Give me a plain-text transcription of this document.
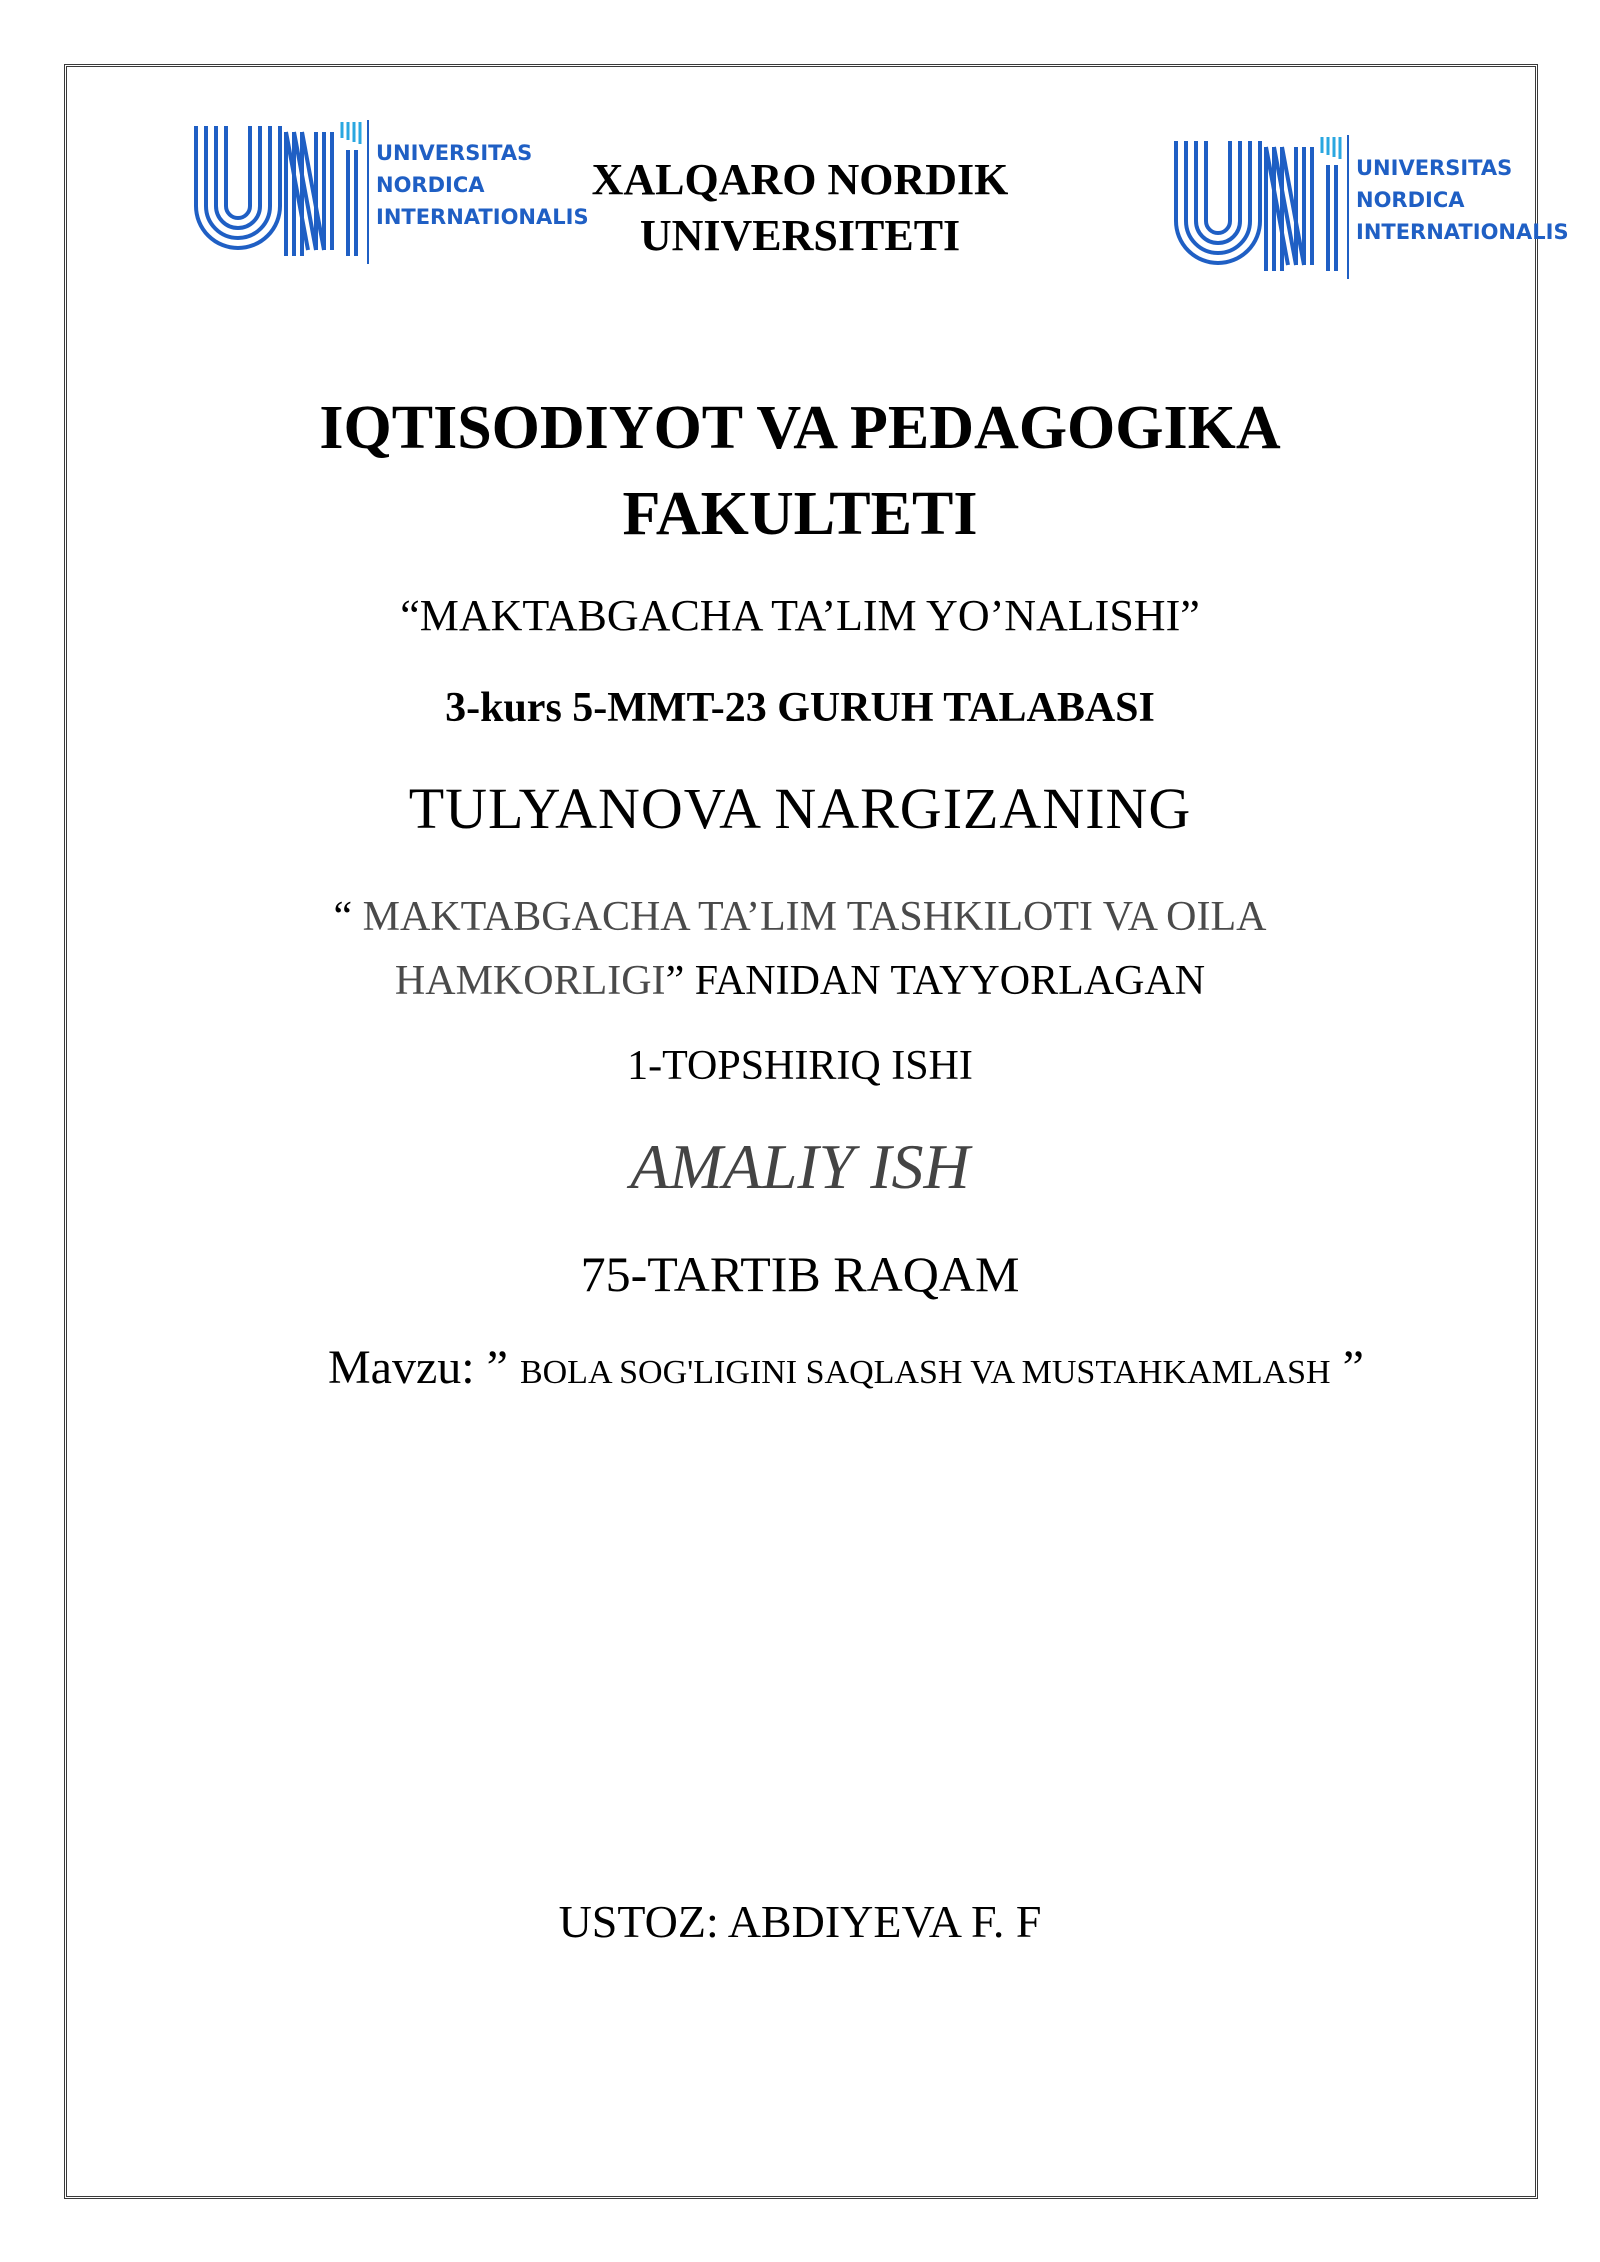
UNIVERSITAS
NORDICA
INTERNATIONALIS
UNIVERSITAS
NORDICA
INTERNATIONALIS
XALQARO NORDIK
UNIVERSITETI
IQTISODIYOT VA PEDAGOGIKA
FAKULTETI
“MAKTABGACHA TA’LIM YO’NALISHI”
3-kurs 5-MMT-23 GURUH TALABASI
TULYANOVA NARGIZANING
“ MAKTABGACHA TA’LIM TASHKILOTI VA OILA
HAMKORLIGI” FANIDAN TAYYORLAGAN
1-TOPSHIRIQ ISHI
AMALIY ISH
75-TARTIB RAQAM
Mavzu: ” BOLA SOG'LIGINI SAQLASH VA MUSTAHKAMLASH ”
USTOZ: ABDIYEVA F. F
